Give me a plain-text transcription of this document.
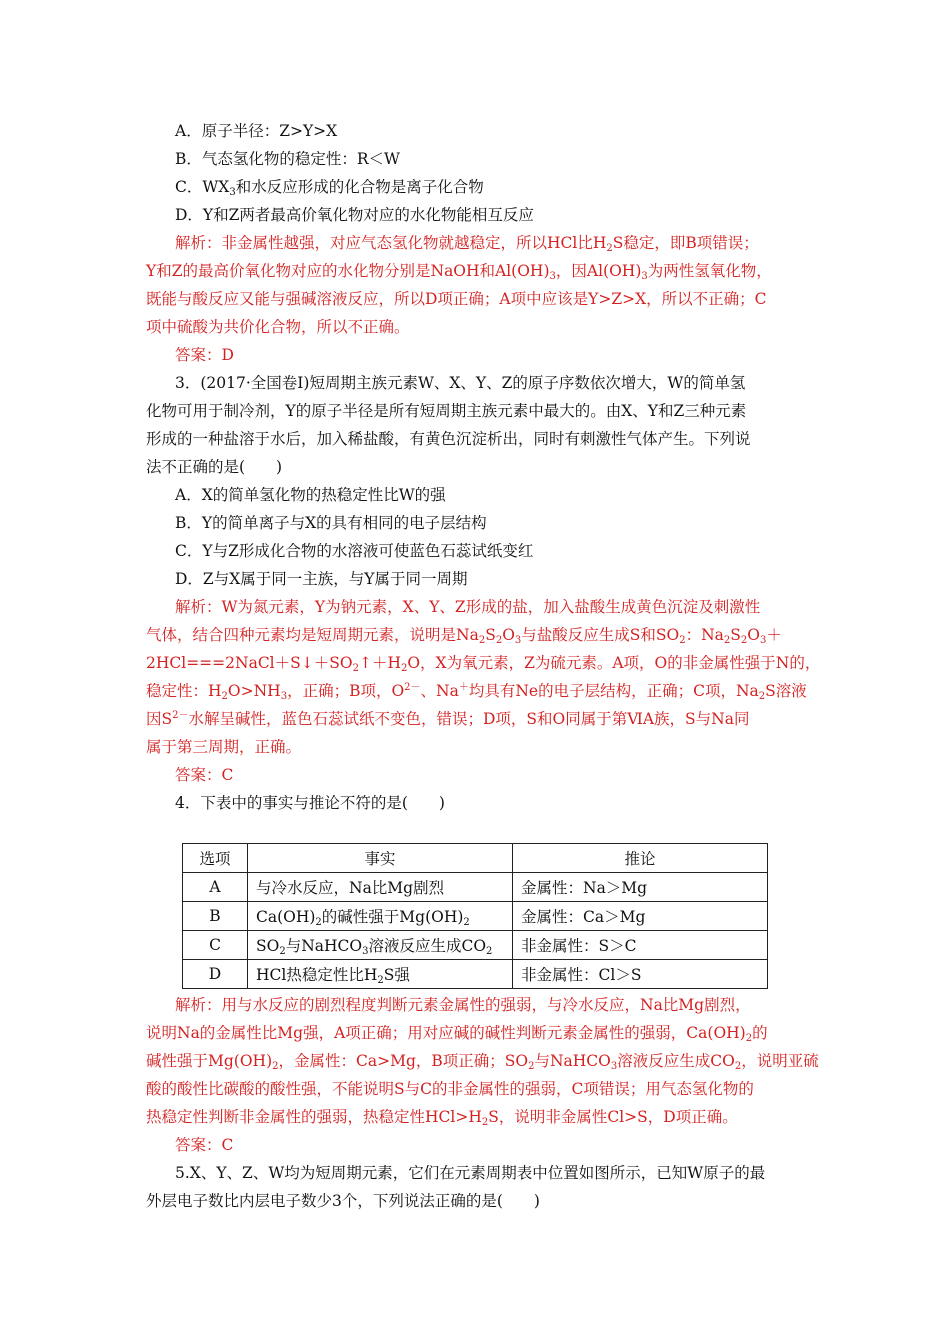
A．原子半径：Z>Y>X
B．气态氢化物的稳定性：R＜W
C．$WX_3$和水反应形成的化合物是离子化合物
D．Y和Z两者最高价氧化物对应的水化物能相互反应
解析：非金属性越强，对应气态氢化物就越稳定，所以HCl比$H_2S$稳定，即B项错误；
Y和Z的最高价氧化物对应的水化物分别是NaOH和$Al(OH)_3$，因$Al(OH)_3$为两性氢氧化物，
既能与酸反应又能与强碱溶液反应，所以D项正确；A项中应该是Y>Z>X，所以不正确；C
项中硫酸为共价化合物，所以不正确。
答案：D
3．(2017·全国卷Ⅰ)短周期主族元素W、X、Y、Z的原子序数依次增大，W的简单氢
化物可用于制冷剂，Y的原子半径是所有短周期主族元素中最大的。由X、Y和Z三种元素
形成的一种盐溶于水后，加入稀盐酸，有黄色沉淀析出，同时有刺激性气体产生。下列说
法不正确的是(　　)
A．X的简单氢化物的热稳定性比W的强
B．Y的简单离子与X的具有相同的电子层结构
C．Y与Z形成化合物的水溶液可使蓝色石蕊试纸变红
D．Z与X属于同一主族，与Y属于同一周期
解析：W为氮元素，Y为钠元素，X、Y、Z形成的盐，加入盐酸生成黄色沉淀及刺激性
气体，结合四种元素均是短周期元素，说明是$Na_2S_2O_3$与盐酸反应生成S和$SO_2$：$Na_2S_2O_3+$
$2HCl===2NaCl+S↓+SO_2↑+H_2O$，X为氧元素，Z为硫元素。A项，O的非金属性强于N的，
稳定性：$H_2O>NH_3$，正确；B项，$O^{2-}$、Na＋均具有Ne的电子层结构，正确；C项，$Na_2S$溶液
因$S^{2-}$水解呈碱性，蓝色石蕊试纸不变色，错误；D项，S和O同属于第ⅥA族，S与Na同
属于第三周期，正确。
答案：C
4．下表中的事实与推论不符的是(　　)
选项	事实	推论
A	与冷水反应，Na比Mg剧烈	金属性：Na＞Mg
B	$Ca(OH)_2$的碱性强于$Mg(OH)_2$	金属性：Ca＞Mg
C	$SO_2$与NaHCO$_3$溶液反应生成$CO_2$	非金属性：S＞C
D	HCl热稳定性比$H_2S$强	非金属性：Cl＞S
解析：用与水反应的剧烈程度判断元素金属性的强弱，与冷水反应，Na比Mg剧烈，
说明Na的金属性比Mg强，A项正确；用对应碱的碱性判断元素金属性的强弱，$Ca(OH)_2$的
碱性强于$Mg(OH)_2$，金属性：Ca>Mg，B项正确；$SO_2$与NaHCO$_3$溶液反应生成$CO_2$，说明亚硫
酸的酸性比碳酸的酸性强，不能说明S与C的非金属性的强弱，C项错误；用气态氢化物的
热稳定性判断非金属性的强弱，热稳定性$HCl>H_2S$，说明非金属性Cl>S，D项正确。
答案：C
5.X、Y、Z、W均为短周期元素，它们在元素周期表中位置如图所示，已知W原子的最
外层电子数比内层电子数少3个，下列说法正确的是(　　)
